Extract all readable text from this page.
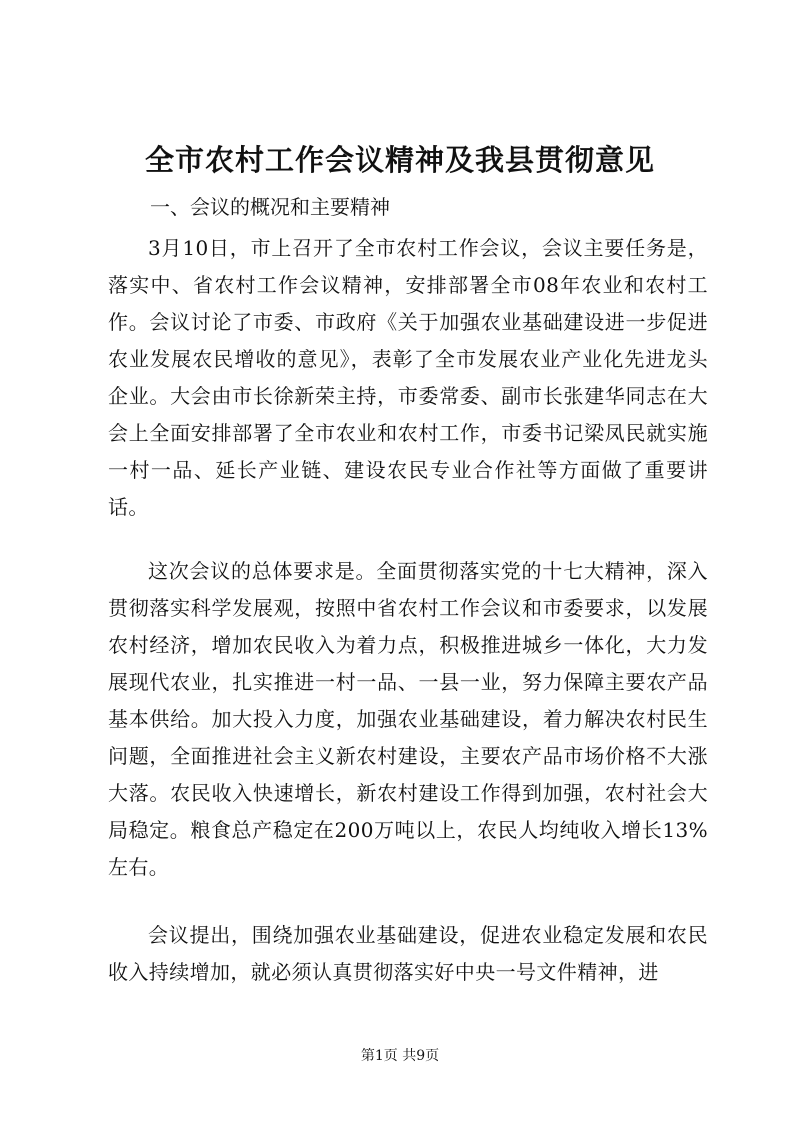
全市农村工作会议精神及我县贯彻意见
一、会议的概况和主要精神

3月10日，市上召开了全市农村工作会议，会议主要任务是，落实中、省农村工作会议精神，安排部署全市08年农业和农村工作。会议讨论了市委、市政府《关于加强农业基础建设进一步促进农业发展农民增收的意见》，表彰了全市发展农业产业化先进龙头企业。大会由市长徐新荣主持，市委常委、副市长张建华同志在大会上全面安排部署了全市农业和农村工作，市委书记梁凤民就实施一村一品、延长产业链、建设农民专业合作社等方面做了重要讲话。

这次会议的总体要求是。全面贯彻落实党的十七大精神，深入贯彻落实科学发展观，按照中省农村工作会议和市委要求，以发展农村经济，增加农民收入为着力点，积极推进城乡一体化，大力发展现代农业，扎实推进一村一品、一县一业，努力保障主要农产品基本供给。加大投入力度，加强农业基础建设，着力解决农村民生问题，全面推进社会主义新农村建设，主要农产品市场价格不大涨大落。农民收入快速增长，新农村建设工作得到加强，农村社会大局稳定。粮食总产稳定在200万吨以上，农民人均纯收入增长13%左右。

会议提出，围绕加强农业基础建设，促进农业稳定发展和农民收入持续增加，就必须认真贯彻落实好中央一号文件精神，进

第1页 共9页
